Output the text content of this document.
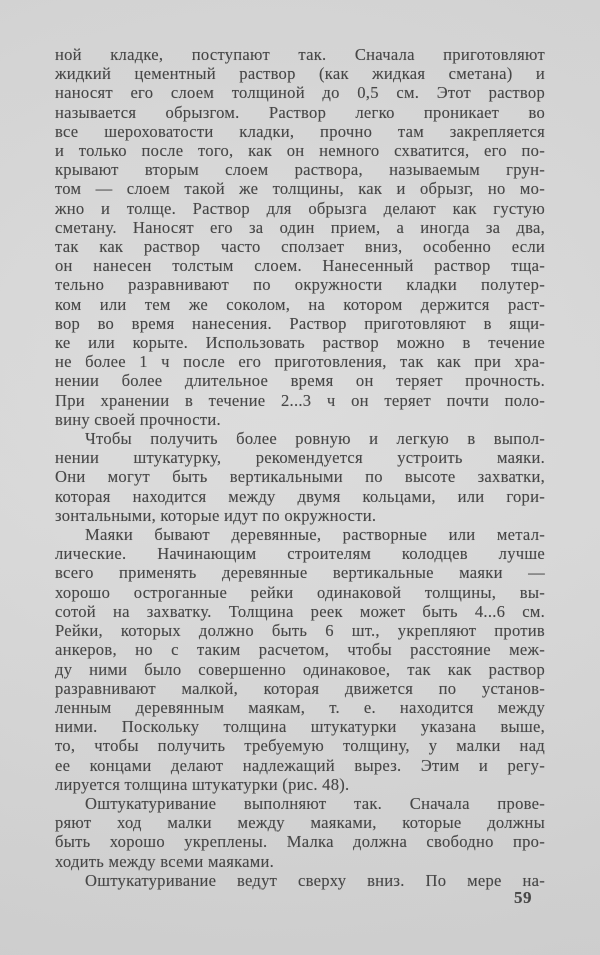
ной кладке, поступают так. Сначала приготовляют
жидкий цементный раствор (как жидкая сметана) и
наносят его слоем толщиной до 0,5 см. Этот раствор
называется обрызгом. Раствор легко проникает во
все шероховатости кладки, прочно там закрепляется
и только после того, как он немного схватится, его по-
крывают вторым слоем раствора, называемым грун-
том — слоем такой же толщины, как и обрызг, но мо-
жно и толще. Раствор для обрызга делают как густую
сметану. Наносят его за один прием, а иногда за два,
так как раствор часто сползает вниз, особенно если
он нанесен толстым слоем. Нанесенный раствор тща-
тельно разравнивают по окружности кладки полутер-
ком или тем же соколом, на котором держится раст-
вор во время нанесения. Раствор приготовляют в ящи-
ке или корыте. Использовать раствор можно в течение
не более 1 ч после его приготовления, так как при хра-
нении более длительное время он теряет прочность.
При хранении в течение 2...3 ч он теряет почти поло-
вину своей прочности.
Чтобы получить более ровную и легкую в выпол-
нении штукатурку, рекомендуется устроить маяки.
Они могут быть вертикальными по высоте захватки,
которая находится между двумя кольцами, или гори-
зонтальными, которые идут по окружности.
Маяки бывают деревянные, растворные или метал-
лические. Начинающим строителям колодцев лучше
всего применять деревянные вертикальные маяки —
хорошо остроганные рейки одинаковой толщины, вы-
сотой на захватку. Толщина реек может быть 4...6 см.
Рейки, которых должно быть 6 шт., укрепляют против
анкеров, но с таким расчетом, чтобы расстояние меж-
ду ними было совершенно одинаковое, так как раствор
разравнивают малкой, которая движется по установ-
ленным деревянным маякам, т. е. находится между
ними. Поскольку толщина штукатурки указана выше,
то, чтобы получить требуемую толщину, у малки над
ее концами делают надлежащий вырез. Этим и регу-
лируется толщина штукатурки (рис. 48).
Оштукатуривание выполняют так. Сначала прове-
ряют ход малки между маяками, которые должны
быть хорошо укреплены. Малка должна свободно про-
ходить между всеми маяками.
Оштукатуривание ведут сверху вниз. По мере на-
59
